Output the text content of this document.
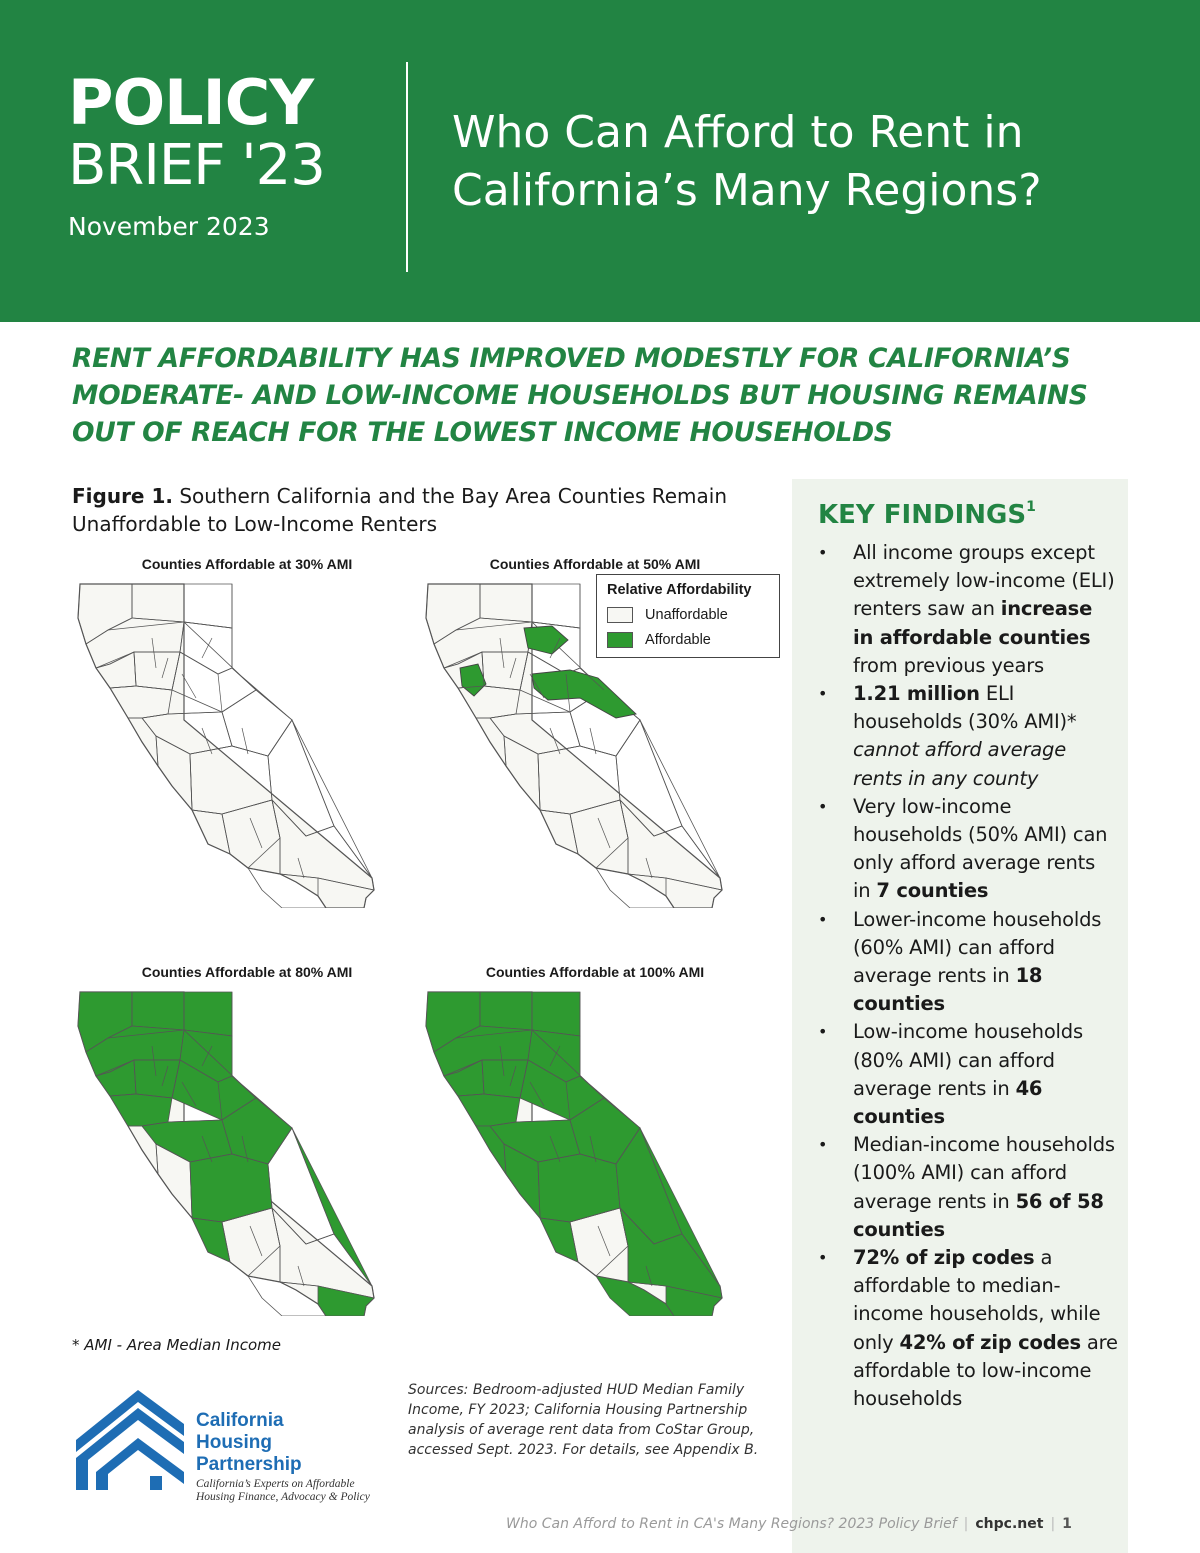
POLICY
BRIEF '23
November 2023
Who Can Afford to Rent in California’s Many Regions?
RENT AFFORDABILITY HAS IMPROVED MODESTLY FOR CALIFORNIA’S MODERATE- AND LOW-INCOME HOUSEHOLDS BUT HOUSING REMAINS OUT OF REACH FOR THE LOWEST INCOME HOUSEHOLDS
Figure 1. Southern California and the Bay Area Counties Remain Unaffordable to Low-Income Renters
Counties Affordable at 30% AMI	Counties Affordable at 50% AMI
Relative Affordability
Unaffordable
Affordable
Counties Affordable at 80% AMI	Counties Affordable at 100% AMI
* AMI - Area Median Income
Sources: Bedroom-adjusted HUD Median Family Income, FY 2023; California Housing Partnership analysis of average rent data from CoStar Group, accessed Sept. 2023. For details, see Appendix B.
California
Housing
Partnership
California’s Experts on Affordable
Housing Finance, Advocacy & Policy
KEY FINDINGS$^1$
• All income groups except extremely low-income (ELI) renters saw an increase in affordable counties from previous years
• 1.21 million ELI households (30% AMI)* cannot afford average rents in any county
• Very low-income households (50% AMI) can only afford average rents in 7 counties
• Lower-income households (60% AMI) can afford average rents in 18 counties
• Low-income households (80% AMI) can afford average rents in 46 counties
• Median-income households (100% AMI) can afford average rents in 56 of 58 counties
• 72% of zip codes a affordable to median-income households, while only 42% of zip codes are affordable to low-income households
Who Can Afford to Rent in CA's Many Regions? 2023 Policy Brief | chpc.net | 1
